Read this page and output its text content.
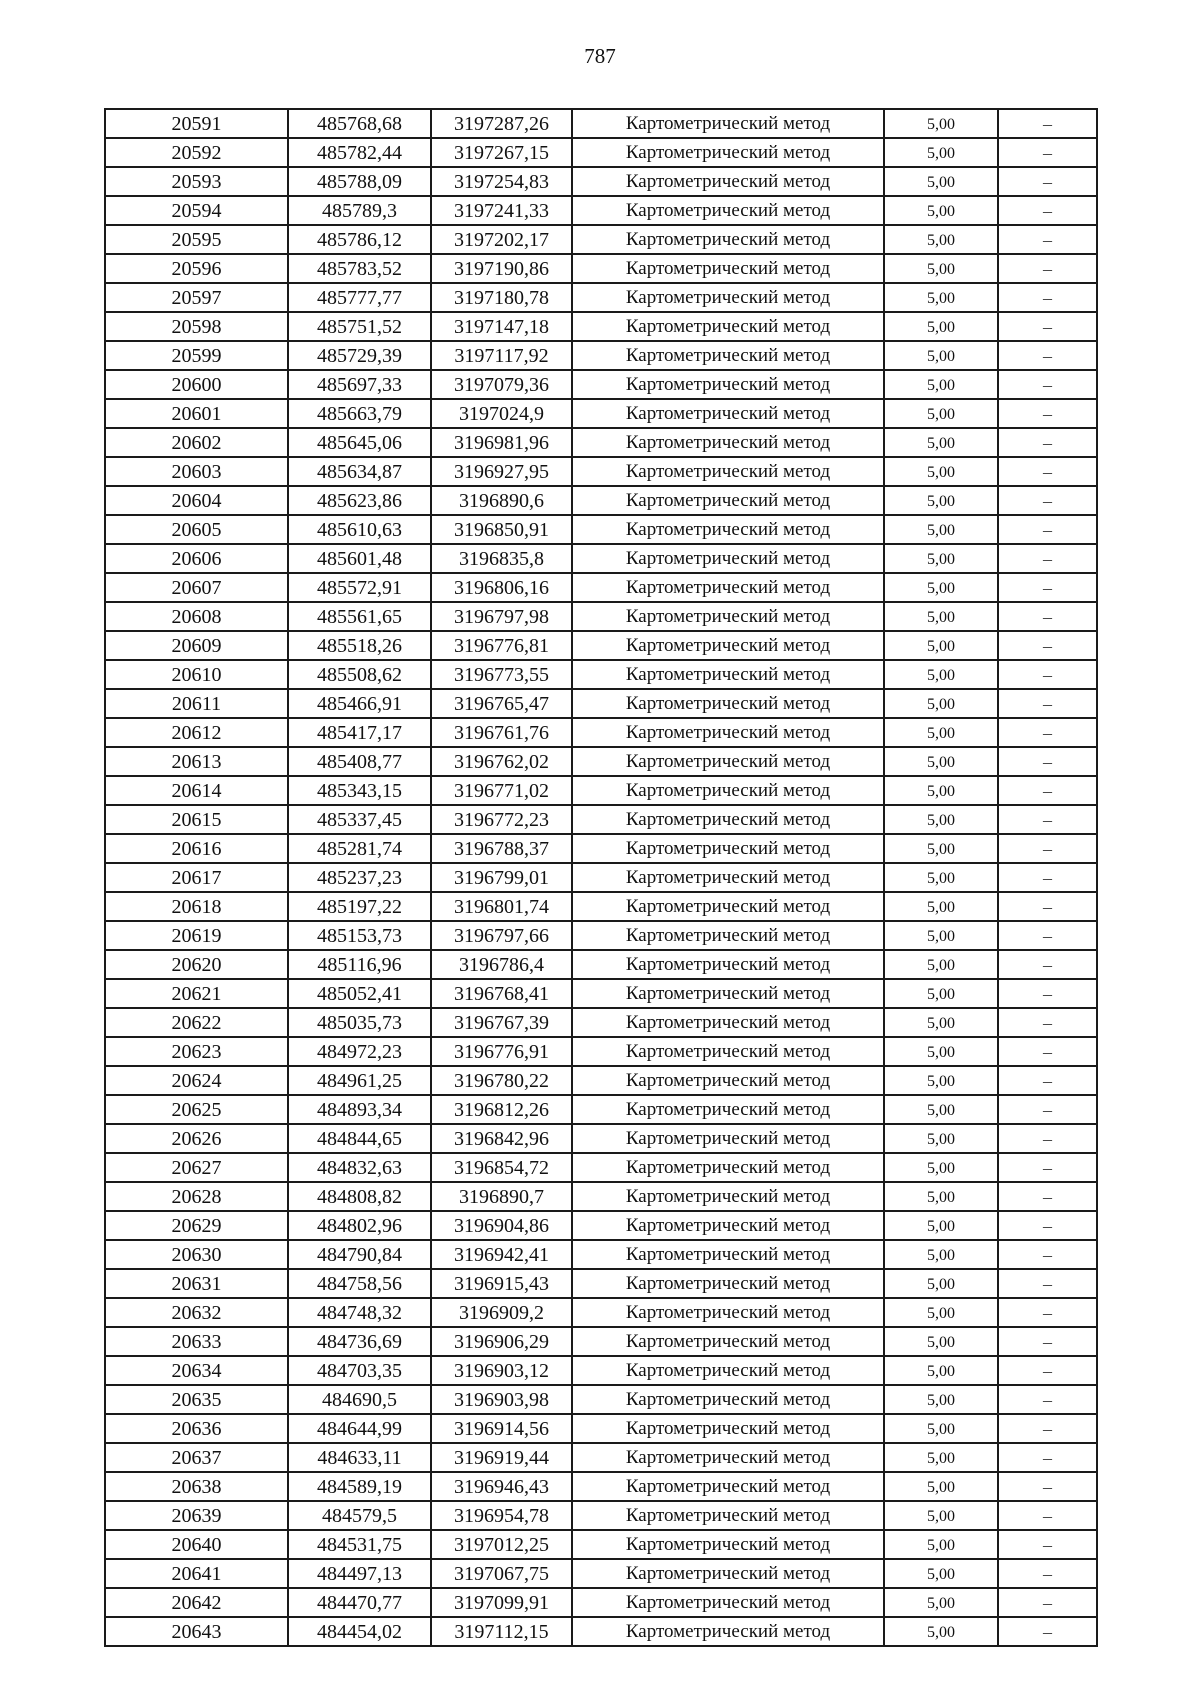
787
20591	485768,68	3197287,26	Картометрический метод	5,00	–
20592	485782,44	3197267,15	Картометрический метод	5,00	–
20593	485788,09	3197254,83	Картометрический метод	5,00	–
20594	485789,3	3197241,33	Картометрический метод	5,00	–
20595	485786,12	3197202,17	Картометрический метод	5,00	–
20596	485783,52	3197190,86	Картометрический метод	5,00	–
20597	485777,77	3197180,78	Картометрический метод	5,00	–
20598	485751,52	3197147,18	Картометрический метод	5,00	–
20599	485729,39	3197117,92	Картометрический метод	5,00	–
20600	485697,33	3197079,36	Картометрический метод	5,00	–
20601	485663,79	3197024,9	Картометрический метод	5,00	–
20602	485645,06	3196981,96	Картометрический метод	5,00	–
20603	485634,87	3196927,95	Картометрический метод	5,00	–
20604	485623,86	3196890,6	Картометрический метод	5,00	–
20605	485610,63	3196850,91	Картометрический метод	5,00	–
20606	485601,48	3196835,8	Картометрический метод	5,00	–
20607	485572,91	3196806,16	Картометрический метод	5,00	–
20608	485561,65	3196797,98	Картометрический метод	5,00	–
20609	485518,26	3196776,81	Картометрический метод	5,00	–
20610	485508,62	3196773,55	Картометрический метод	5,00	–
20611	485466,91	3196765,47	Картометрический метод	5,00	–
20612	485417,17	3196761,76	Картометрический метод	5,00	–
20613	485408,77	3196762,02	Картометрический метод	5,00	–
20614	485343,15	3196771,02	Картометрический метод	5,00	–
20615	485337,45	3196772,23	Картометрический метод	5,00	–
20616	485281,74	3196788,37	Картометрический метод	5,00	–
20617	485237,23	3196799,01	Картометрический метод	5,00	–
20618	485197,22	3196801,74	Картометрический метод	5,00	–
20619	485153,73	3196797,66	Картометрический метод	5,00	–
20620	485116,96	3196786,4	Картометрический метод	5,00	–
20621	485052,41	3196768,41	Картометрический метод	5,00	–
20622	485035,73	3196767,39	Картометрический метод	5,00	–
20623	484972,23	3196776,91	Картометрический метод	5,00	–
20624	484961,25	3196780,22	Картометрический метод	5,00	–
20625	484893,34	3196812,26	Картометрический метод	5,00	–
20626	484844,65	3196842,96	Картометрический метод	5,00	–
20627	484832,63	3196854,72	Картометрический метод	5,00	–
20628	484808,82	3196890,7	Картометрический метод	5,00	–
20629	484802,96	3196904,86	Картометрический метод	5,00	–
20630	484790,84	3196942,41	Картометрический метод	5,00	–
20631	484758,56	3196915,43	Картометрический метод	5,00	–
20632	484748,32	3196909,2	Картометрический метод	5,00	–
20633	484736,69	3196906,29	Картометрический метод	5,00	–
20634	484703,35	3196903,12	Картометрический метод	5,00	–
20635	484690,5	3196903,98	Картометрический метод	5,00	–
20636	484644,99	3196914,56	Картометрический метод	5,00	–
20637	484633,11	3196919,44	Картометрический метод	5,00	–
20638	484589,19	3196946,43	Картометрический метод	5,00	–
20639	484579,5	3196954,78	Картометрический метод	5,00	–
20640	484531,75	3197012,25	Картометрический метод	5,00	–
20641	484497,13	3197067,75	Картометрический метод	5,00	–
20642	484470,77	3197099,91	Картометрический метод	5,00	–
20643	484454,02	3197112,15	Картометрический метод	5,00	–
